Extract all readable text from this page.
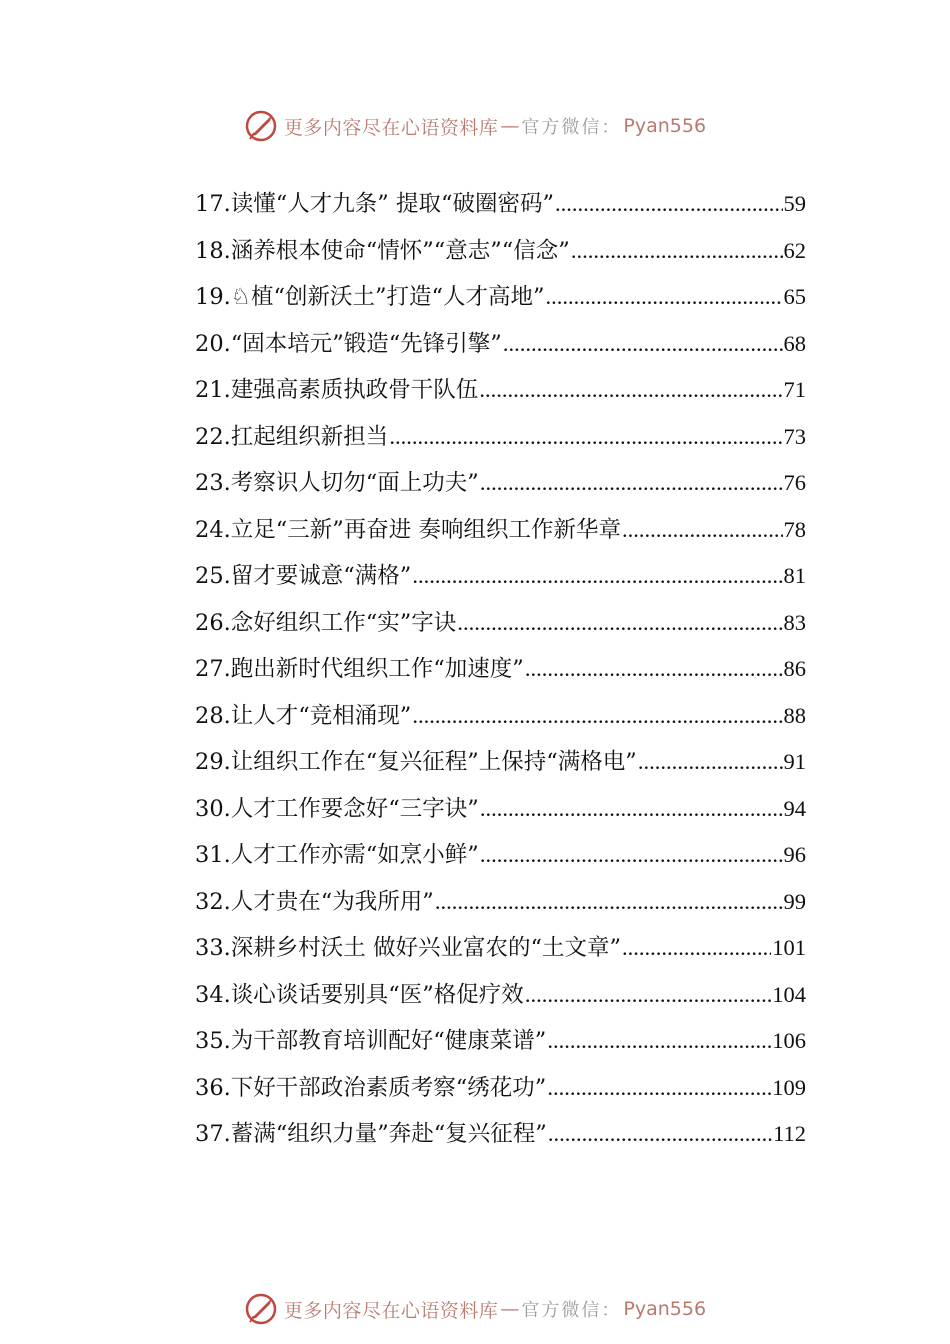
更多内容尽在心语资料库 — 官方微信： Pyan556
17. 读懂“人才九条” 提取“破圈密码” .....	59
18. 涵养根本使命“情怀”“意志”“信念” .....	62
19. ♘植“创新沃土”打造“人才高地” .....	65
20. “固本培元”锻造“先锋引擎” .....	68
21. 建强高素质执政骨干队伍 .....	71
22. 扛起组织新担当 .....	73
23. 考察识人切勿“面上功夫” .....	76
24. 立足“三新”再奋进 奏响组织工作新华章 .....	78
25. 留才要诚意“满格” .....	81
26. 念好组织工作“实”字诀 .....	83
27. 跑出新时代组织工作“加速度” .....	86
28. 让人才“竞相涌现” .....	88
29. 让组织工作在“复兴征程”上保持“满格电” .....	91
30. 人才工作要念好“三字诀” .....	94
31. 人才工作亦需“如烹小鲜” .....	96
32. 人才贵在“为我所用” .....	99
33. 深耕乡村沃土 做好兴业富农的“土文章” .....	101
34. 谈心谈话要别具“医”格促疗效 .....	104
35. 为干部教育培训配好“健康菜谱” .....	106
36. 下好干部政治素质考察“绣花功” .....	109
37. 蓄满“组织力量”奔赴“复兴征程” .....	112
更多内容尽在心语资料库 — 官方微信： Pyan556
